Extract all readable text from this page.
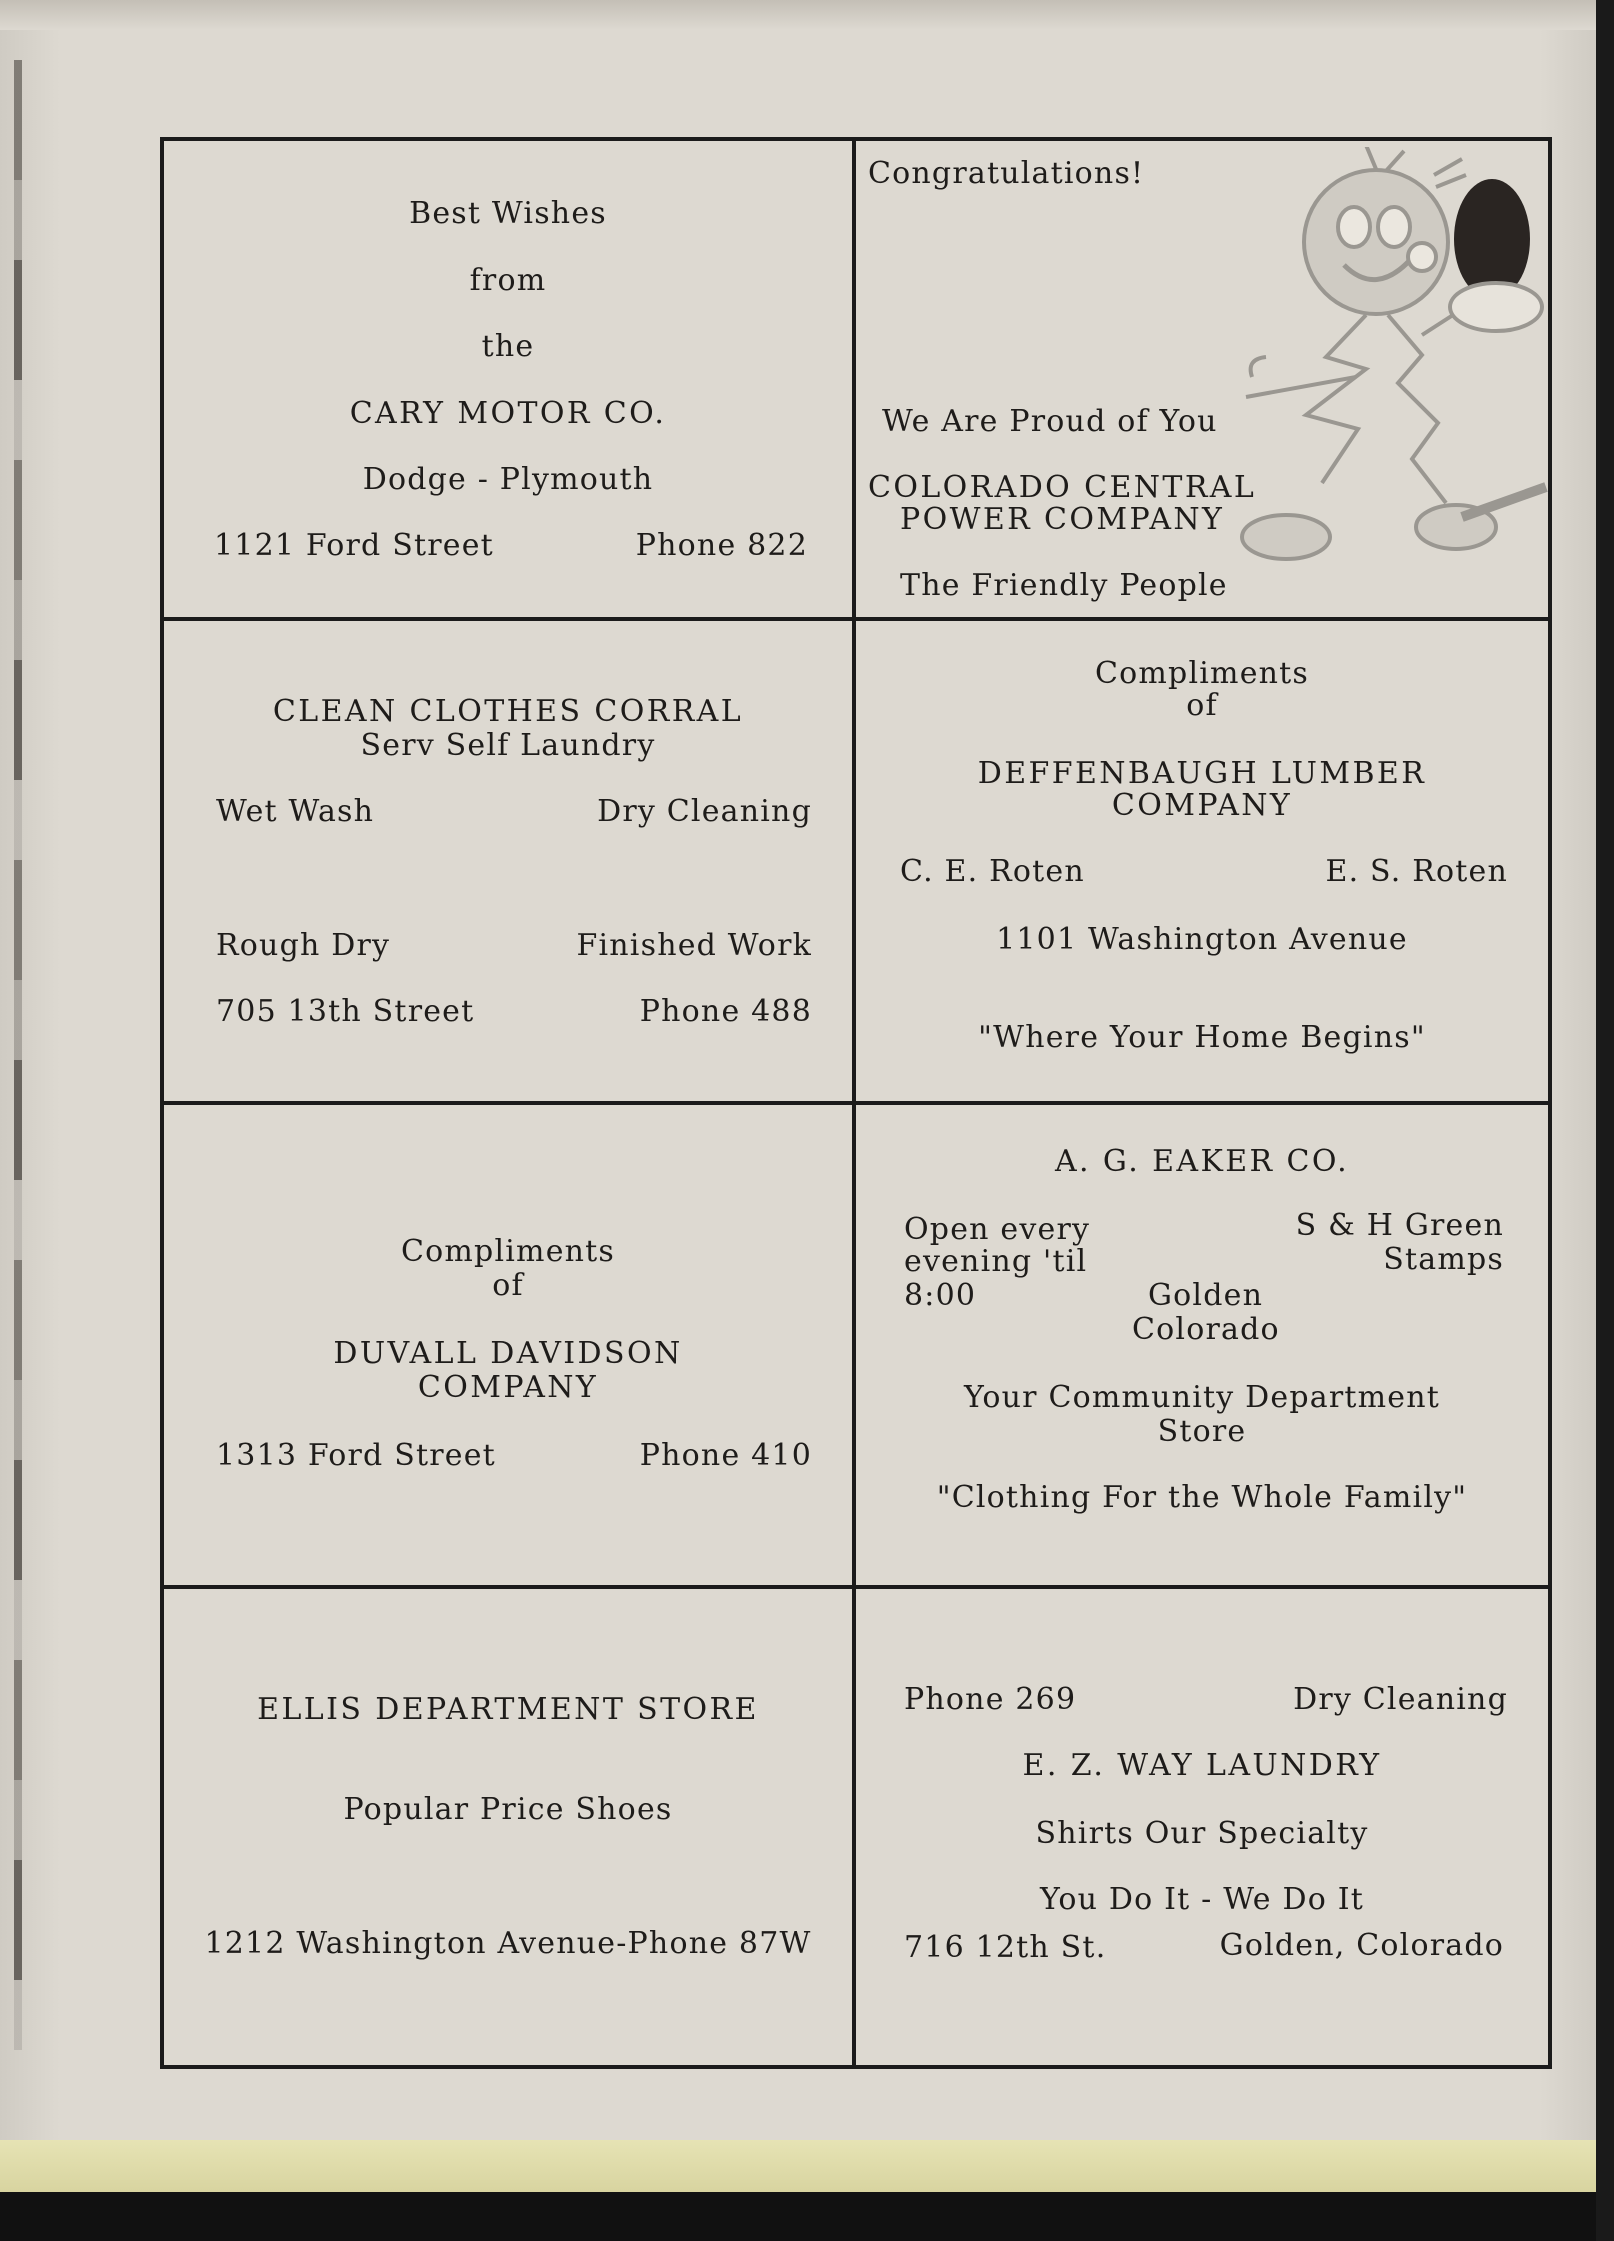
Best Wishes
from
the
CARY MOTOR CO.
Dodge - Plymouth
1121 Ford Street	Phone 822
Congratulations!
We Are Proud of You
COLORADO CENTRAL
POWER COMPANY
The Friendly People
CLEAN CLOTHES CORRAL
Serv Self Laundry
Wet Wash	Dry Cleaning
Rough Dry	Finished Work
705 13th Street	Phone 488
Compliments
of
DEFFENBAUGH LUMBER
COMPANY
C. E. Roten	E. S. Roten
1101 Washington Avenue
"Where Your Home Begins"
Compliments
of
DUVALL DAVIDSON
COMPANY
1313 Ford Street	Phone 410
A. G. EAKER CO.
Open every
evening 'til
8:00
S & H Green
Stamps
Golden
Colorado
Your Community Department
Store
"Clothing For the Whole Family"
ELLIS DEPARTMENT STORE
Popular Price Shoes
1212 Washington Avenue-Phone 87W
Phone 269	Dry Cleaning
E. Z. WAY LAUNDRY
Shirts Our Specialty
You Do It - We Do It
716 12th St.	Golden, Colorado
